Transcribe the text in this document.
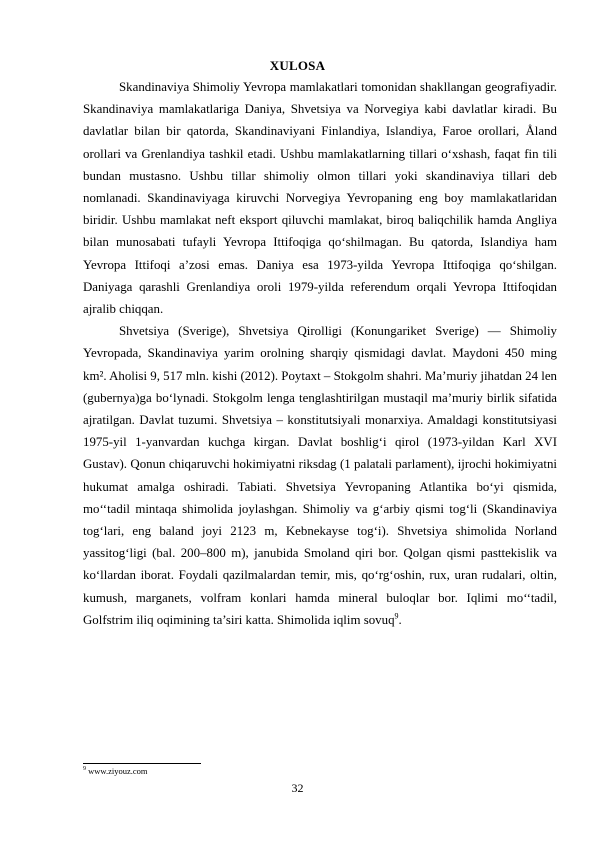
XULOSA

Skandinaviya Shimoliy Yevropa mamlakatlari tomonidan shakllangan geografiyadir. Skandinaviya mamlakatlariga Daniya, Shvetsiya va Norvegiya kabi davlatlar kiradi. Bu davlatlar bilan bir qatorda, Skandinaviyani Finlandiya, Islandiya, Faroe orollari, Åland orollari va Grenlandiya tashkil etadi. Ushbu mamlakatlarning tillari o‘xshash, faqat fin tili bundan mustasno. Ushbu tillar shimoliy olmon tillari yoki skandinaviya tillari deb nomlanadi. Skandinaviyaga kiruvchi Norvegiya Yevropaning eng boy mamlakatlaridan biridir. Ushbu mamlakat neft eksport qiluvchi mamlakat, biroq baliqchilik hamda Angliya bilan munosabati tufayli Yevropa Ittifoqiga qo‘shilmagan. Bu qatorda, Islandiya ham Yevropa Ittifoqi a’zosi emas. Daniya esa 1973-yilda Yevropa Ittifoqiga qo‘shilgan. Daniyaga qarashli Grenlandiya oroli 1979-yilda referendum orqali Yevropa Ittifoqidan ajralib chiqqan.

Shvetsiya (Sverige), Shvetsiya Qirolligi (Konungariket Sverige) — Shimoliy Yevropada, Skandinaviya yarim orolning sharqiy qismidagi davlat. Maydoni 450 ming km². Aholisi 9, 517 mln. kishi (2012). Poytaxt – Stokgolm shahri. Ma’muriy jihatdan 24 len (gubernya)ga bo‘lynadi. Stokgolm lenga tenglashtirilgan mustaqil ma’muriy birlik sifatida ajratilgan. Davlat tuzumi. Shvetsiya – konstitutsiyali monarxiya. Amaldagi konstitutsiyasi 1975-yil 1-yanvardan kuchga kirgan. Davlat boshlig‘i qirol (1973-yildan Karl XVI Gustav). Qonun chiqaruvchi hokimiyatni riksdag (1 palatali parlament), ijrochi hokimiyatni hukumat amalga oshiradi. Tabiati. Shvetsiya Yevropaning Atlantika bo‘yi qismida, mo‘‘tadil mintaqa shimolida joylashgan. Shimoliy va g‘arbiy qismi tog‘li (Skandinaviya tog‘lari, eng baland joyi 2123 m, Kebnekayse tog‘i). Shvetsiya shimolida Norland yassitog‘ligi (bal. 200–800 m), janubida Smoland qiri bor. Qolgan qismi pasttekislik va ko‘llardan iborat. Foydali qazilmalardan temir, mis, qo‘rg‘oshin, rux, uran rudalari, oltin, kumush, marganets, volfram konlari hamda mineral buloqlar bor. Iqlimi mo‘‘tadil, Golfstrim iliq oqimining ta’siri katta. Shimolida iqlim sovuq$^9$.

$^9$ www.ziyouz.com
32
